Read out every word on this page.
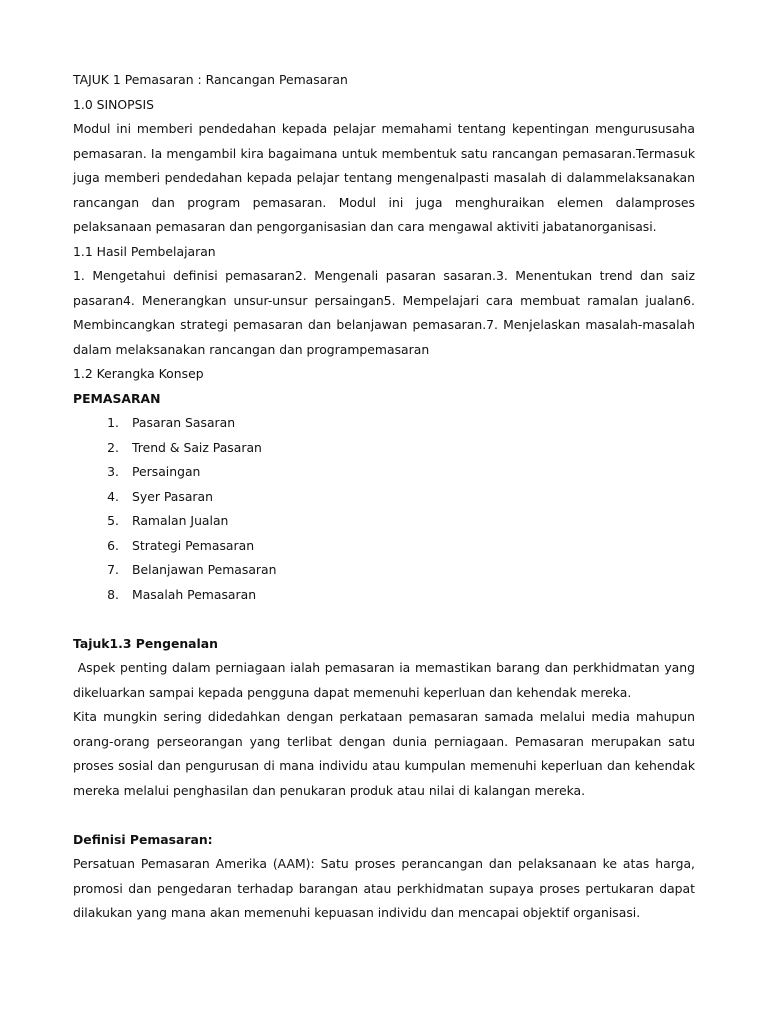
TAJUK 1 Pemasaran : Rancangan Pemasaran

1.0 SINOPSIS

Modul ini memberi pendedahan kepada pelajar memahami tentang kepentingan mengurususaha pemasaran. Ia mengambil kira bagaimana untuk membentuk satu rancangan pemasaran.Termasuk juga memberi pendedahan kepada pelajar tentang mengenalpasti masalah di dalammelaksanakan rancangan dan program pemasaran. Modul ini juga menghuraikan elemen dalamproses pelaksanaan pemasaran dan pengorganisasian dan cara mengawal aktiviti jabatanorganisasi.

1.1 Hasil Pembelajaran

1. Mengetahui definisi pemasaran2. Mengenali pasaran sasaran.3. Menentukan trend dan saiz pasaran4. Menerangkan unsur-unsur persaingan5. Mempelajari cara membuat ramalan jualan6. Membincangkan strategi pemasaran dan belanjawan pemasaran.7. Menjelaskan masalah-masalah dalam melaksanakan rancangan dan programpemasaran

1.2 Kerangka Konsep

PEMASARAN

1.	Pasaran Sasaran
2.	Trend & Saiz Pasaran
3.	Persaingan
4.	Syer Pasaran
5.	Ramalan Jualan
6.	Strategi Pemasaran
7.	Belanjawan Pemasaran
8.	Masalah Pemasaran

Tajuk1.3 Pengenalan

Aspek penting dalam perniagaan ialah pemasaran ia memastikan barang dan perkhidmatan yang dikeluarkan sampai kepada pengguna dapat memenuhi keperluan dan kehendak mereka.

Kita mungkin sering didedahkan dengan perkataan pemasaran samada melalui media mahupun orang-orang perseorangan yang terlibat dengan dunia perniagaan. Pemasaran merupakan satu proses sosial dan pengurusan di mana individu atau kumpulan memenuhi keperluan dan kehendak mereka melalui penghasilan dan penukaran produk atau nilai di kalangan mereka.

Definisi Pemasaran:

Persatuan Pemasaran Amerika (AAM): Satu proses perancangan dan pelaksanaan ke atas harga, promosi dan pengedaran terhadap barangan atau perkhidmatan supaya proses pertukaran dapat dilakukan yang mana akan memenuhi kepuasan individu dan mencapai objektif organisasi.
